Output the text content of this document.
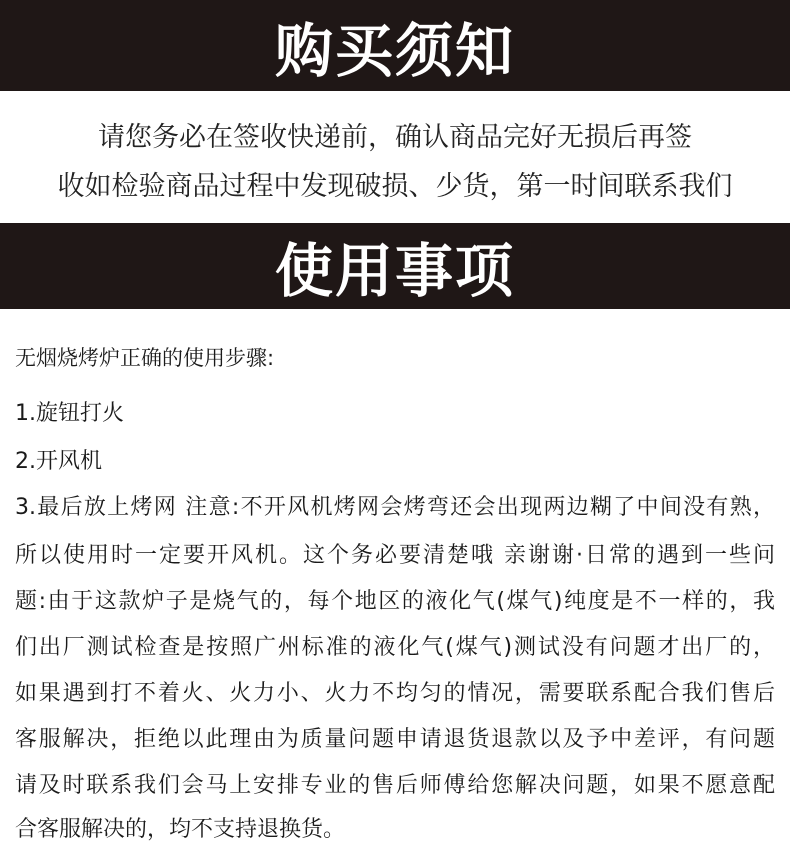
购买须知
请您务必在签收快递前，确认商品完好无损后再签
收如检验商品过程中发现破损、少货，第一时间联系我们
使用事项
无烟烧烤炉正确的使用步骤:
1.旋钮打火
2.开风机
3.最后放上烤网 注意:不开风机烤网会烤弯还会出现两边糊了中间没有熟，
所以使用时一定要开风机。这个务必要清楚哦 亲谢谢·日常的遇到一些问
题:由于这款炉子是烧气的，每个地区的液化气(煤气)纯度是不一样的，我
们出厂测试检查是按照广州标准的液化气(煤气)测试没有问题才出厂的，
如果遇到打不着火、火力小、火力不均匀的情况，需要联系配合我们售后
客服解决，拒绝以此理由为质量问题申请退货退款以及予中差评，有问题
请及时联系我们会马上安排专业的售后师傅给您解决问题，如果不愿意配
合客服解决的，均不支持退换货。
